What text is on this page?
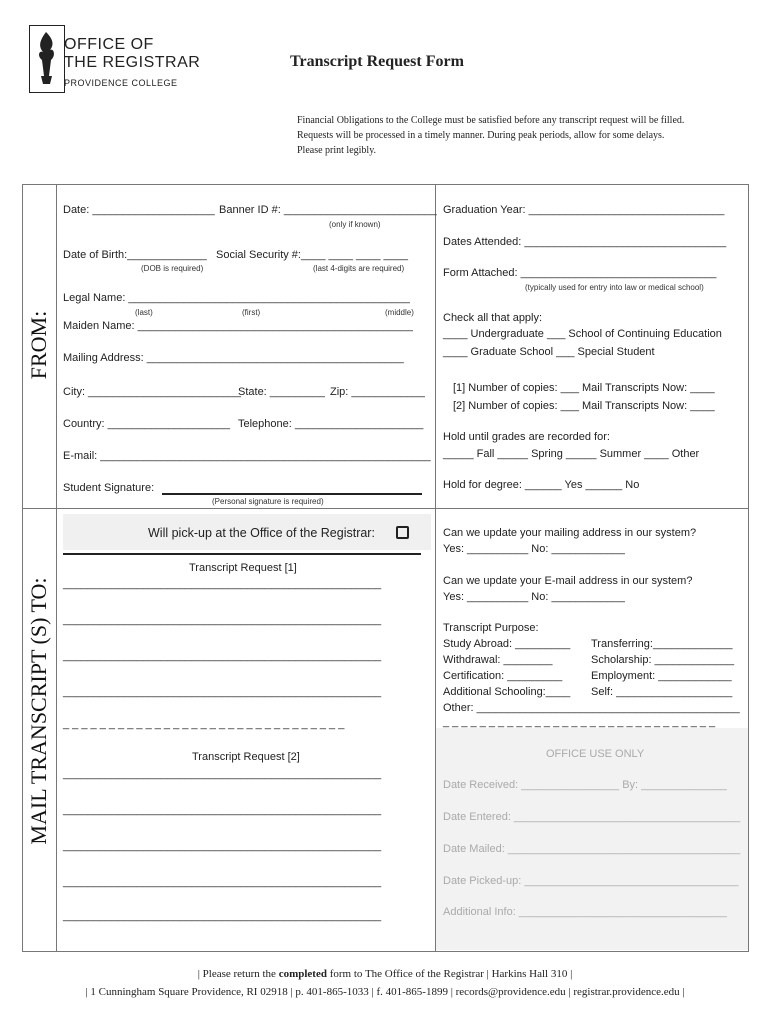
OFFICE OF
THE REGISTRAR
PROVIDENCE COLLEGE
Transcript Request Form
Financial Obligations to the College must be satisfied before any transcript request will be filled.
Requests will be processed in a timely manner. During peak periods, allow for some delays.
Please print legibly.
FROM:
MAIL TRANSCRIPT (S) TO:
Date: ____________________ Banner ID #: _________________________
(only if known)
Date of Birth:_____________ Social Security #:____ ____ ____ ____
(DOB is required)	(last 4-digits are required)
Legal Name: ______________________________________________
(last)	(first)	(middle)
Maiden Name: _____________________________________________
Mailing Address: __________________________________________
City: _________________________
State: _________ Zip: ____________
Country: ____________________ Telephone: _____________________
E-mail: ______________________________________________________
Student Signature:
(Personal signature is required)
Graduation Year: ________________________________
Dates Attended: _________________________________
Form Attached: ________________________________
(typically used for entry into law or medical school)
Check all that apply:
____ Undergraduate ___ School of Continuing Education
____ Graduate School ___ Special Student
[1] Number of copies: ___ Mail Transcripts Now: ____
[2] Number of copies: ___ Mail Transcripts Now: ____
Hold until grades are recorded for:
_____ Fall _____ Spring _____ Summer ____ Other
Hold for degree: ______ Yes ______ No
Will pick-up at the Office of the Registrar:
Transcript Request [1]
____________________________________________________
____________________________________________________
____________________________________________________
____________________________________________________
_ _ _ _ _ _ _ _ _ _ _ _ _ _ _ _ _ _ _ _ _ _ _ _ _ _ _ _ _ _ _
Transcript Request [2]
____________________________________________________
____________________________________________________
____________________________________________________
____________________________________________________
____________________________________________________
Can we update your mailing address in our system?
Yes: __________ No: ____________
Can we update your E-mail address in our system?
Yes: __________ No: ____________
Transcript Purpose:
Study Abroad: _________ Transferring:_____________
Withdrawal: ________	Scholarship: _____________
Certification: _________	Employment: ____________
Additional Schooling:____ Self: ___________________
Other: ___________________________________________
_ _ _ _ _ _ _ _ _ _ _ _ _ _ _ _ _ _ _ _ _ _ _ _ _ _ _ _ _ _
OFFICE USE ONLY
Date Received: ________________ By: ______________
Date Entered: _____________________________________
Date Mailed: ______________________________________
Date Picked-up: ___________________________________
Additional Info: __________________________________
| Please return the completed form to The Office of the Registrar | Harkins Hall 310 |
| 1 Cunningham Square Providence, RI 02918 | p. 401-865-1033 | f. 401-865-1899 | records@providence.edu | registrar.providence.edu |
